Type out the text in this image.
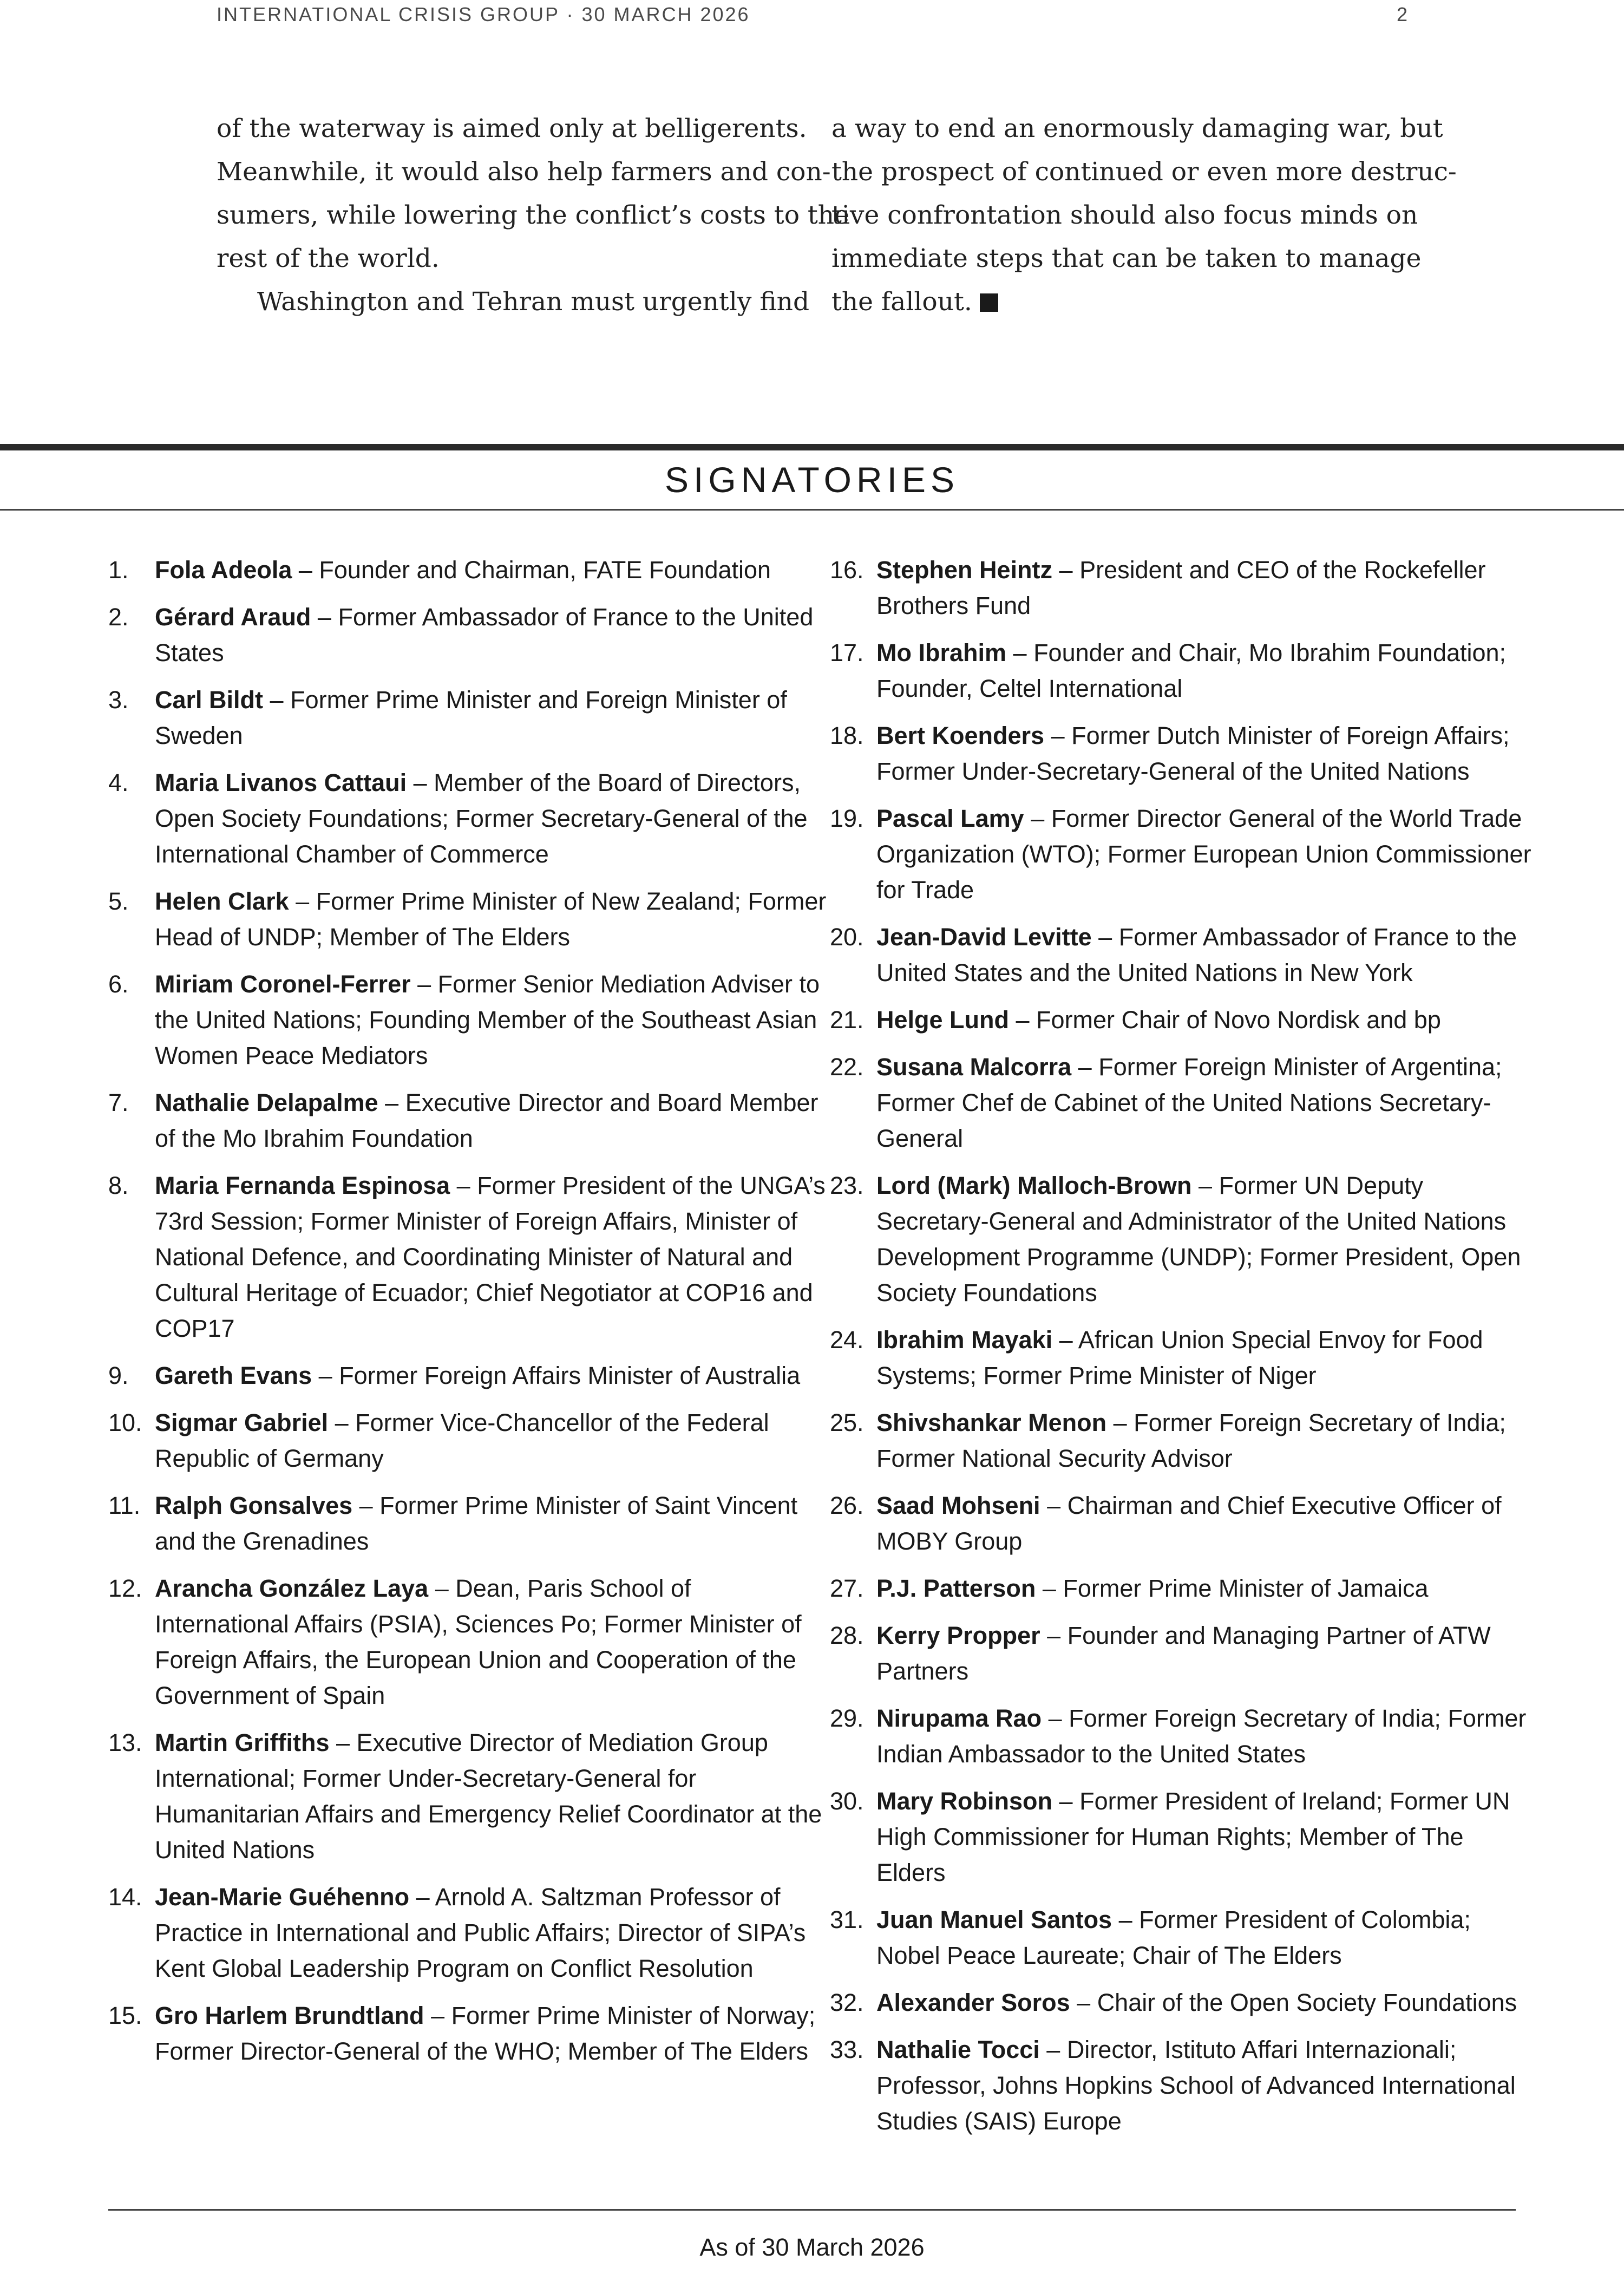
INTERNATIONAL CRISIS GROUP · 30 MARCH 2026	2
of the waterway is aimed only at belligerents.
Meanwhile, it would also help farmers and con-
sumers, while lowering the conflict’s costs to the
rest of the world.
Washington and Tehran must urgently find
a way to end an enormously damaging war, but
the prospect of continued or even more destruc-
tive confrontation should also focus minds on
immediate steps that can be taken to manage
the fallout.
SIGNATORIES
1. Fola Adeola – Founder and Chairman, FATE Foundation
2. Gérard Araud – Former Ambassador of France to the United States
3. Carl Bildt – Former Prime Minister and Foreign Minister of Sweden
4. Maria Livanos Cattaui – Member of the Board of Directors, Open Society Foundations; Former Secretary-General of the International Chamber of Commerce
5. Helen Clark – Former Prime Minister of New Zealand; Former Head of UNDP; Member of The Elders
6. Miriam Coronel-Ferrer – Former Senior Mediation Adviser to the United Nations; Founding Member of the Southeast Asian Women Peace Mediators
7. Nathalie Delapalme – Executive Director and Board Member of the Mo Ibrahim Foundation
8. Maria Fernanda Espinosa – Former President of the UNGA’s 73rd Session; Former Minister of Foreign Affairs, Minister of National Defence, and Coordinating Minister of Natural and Cultural Heritage of Ecuador; Chief Negotiator at COP16 and COP17
9. Gareth Evans – Former Foreign Affairs Minister of Australia
10. Sigmar Gabriel – Former Vice-Chancellor of the Federal Republic of Germany
11. Ralph Gonsalves – Former Prime Minister of Saint Vincent and the Grenadines
12. Arancha González Laya – Dean, Paris School of International Affairs (PSIA), Sciences Po; Former Minister of Foreign Affairs, the European Union and Cooperation of the Government of Spain
13. Martin Griffiths – Executive Director of Mediation Group International; Former Under-Secretary-General for Humanitarian Affairs and Emergency Relief Coordinator at the United Nations
14. Jean-Marie Guéhenno – Arnold A. Saltzman Professor of Practice in International and Public Affairs; Director of SIPA’s Kent Global Leadership Program on Conflict Resolution
15. Gro Harlem Brundtland – Former Prime Minister of Norway; Former Director-General of the WHO; Member of The Elders
16. Stephen Heintz – President and CEO of the Rockefeller Brothers Fund
17. Mo Ibrahim – Founder and Chair, Mo Ibrahim Foundation; Founder, Celtel International
18. Bert Koenders – Former Dutch Minister of Foreign Affairs; Former Under-Secretary-General of the United Nations
19. Pascal Lamy – Former Director General of the World Trade Organization (WTO); Former European Union Commissioner for Trade
20. Jean-David Levitte – Former Ambassador of France to the United States and the United Nations in New York
21. Helge Lund – Former Chair of Novo Nordisk and bp
22. Susana Malcorra – Former Foreign Minister of Argentina; Former Chef de Cabinet of the United Nations Secretary-General
23. Lord (Mark) Malloch-Brown – Former UN Deputy Secretary-General and Administrator of the United Nations Development Programme (UNDP); Former President, Open Society Foundations
24. Ibrahim Mayaki – African Union Special Envoy for Food Systems; Former Prime Minister of Niger
25. Shivshankar Menon – Former Foreign Secretary of India; Former National Security Advisor
26. Saad Mohseni – Chairman and Chief Executive Officer of MOBY Group
27. P.J. Patterson – Former Prime Minister of Jamaica
28. Kerry Propper – Founder and Managing Partner of ATW Partners
29. Nirupama Rao – Former Foreign Secretary of India; Former Indian Ambassador to the United States
30. Mary Robinson – Former President of Ireland; Former UN High Commissioner for Human Rights; Member of The Elders
31. Juan Manuel Santos – Former President of Colombia; Nobel Peace Laureate; Chair of The Elders
32. Alexander Soros – Chair of the Open Society Foundations
33. Nathalie Tocci – Director, Istituto Affari Internazionali; Professor, Johns Hopkins School of Advanced International Studies (SAIS) Europe
As of 30 March 2026
